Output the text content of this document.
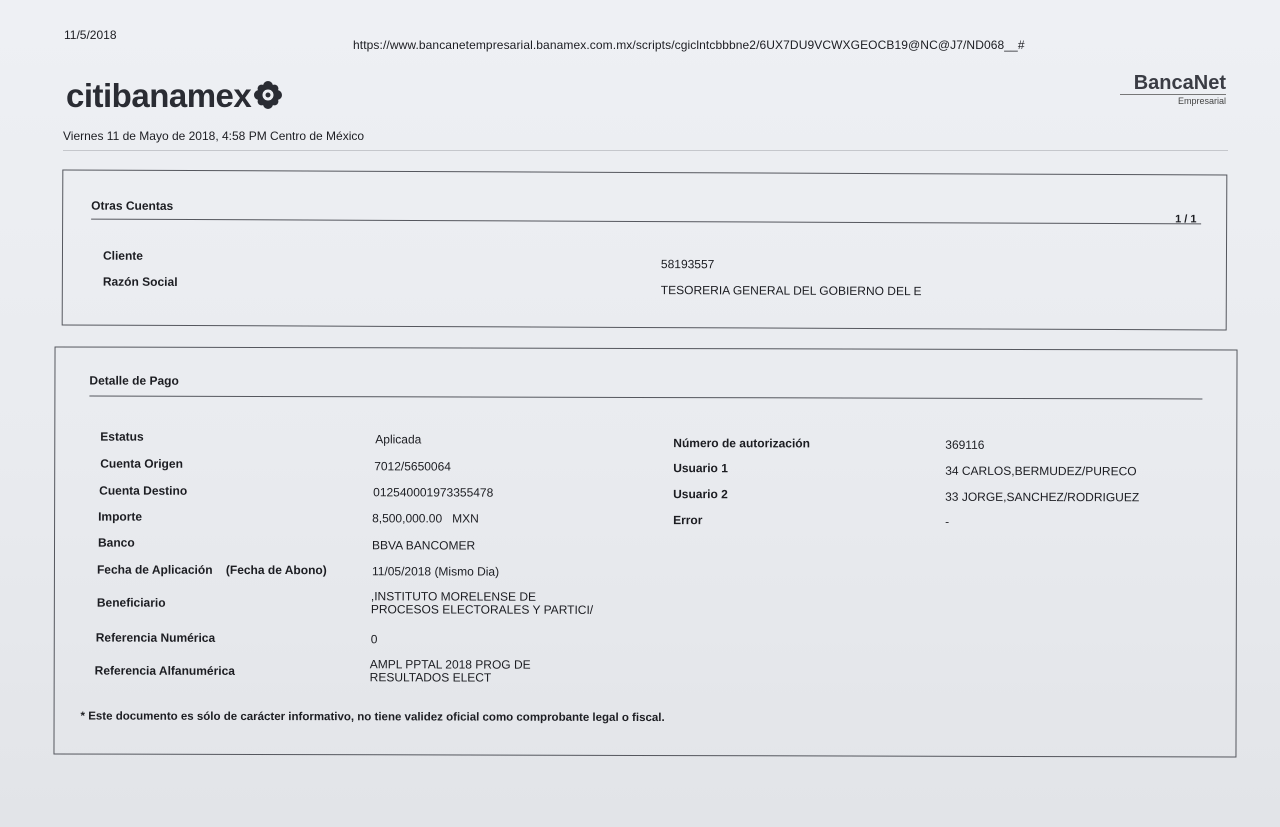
11/5/2018
https://www.bancanetempresarial.banamex.com.mx/scripts/cgiclntcbbbne2/6UX7DU9VCWXGEOCB19@NC@J7/ND068__#
citibanamex	BancaNet
Empresarial
Viernes 11 de Mayo de 2018, 4:58 PM Centro de México
Otras Cuentas
1 / 1
Cliente
58193557
Razón Social
TESORERIA GENERAL DEL GOBIERNO DEL E
Detalle de Pago
Estatus
Cuenta Origen
Cuenta Destino
Importe
Banco
Fecha de Aplicación    (Fecha de Abono)
Beneficiario
Referencia Numérica
Referencia Alfanumérica
Aplicada
7012/5650064
012540001973355478
8,500,000.00   MXN
BBVA BANCOMER
11/05/2018 (Mismo Dia)
,INSTITUTO MORELENSE DE
PROCESOS ELECTORALES Y PARTICI/
0
AMPL PPTAL 2018 PROG DE
RESULTADOS ELECT
Número de autorización
Usuario 1
Usuario 2
Error
369116
34 CARLOS,BERMUDEZ/PURECO
33 JORGE,SANCHEZ/RODRIGUEZ
-
* Este documento es sólo de carácter informativo, no tiene validez oficial como comprobante legal o fiscal.
